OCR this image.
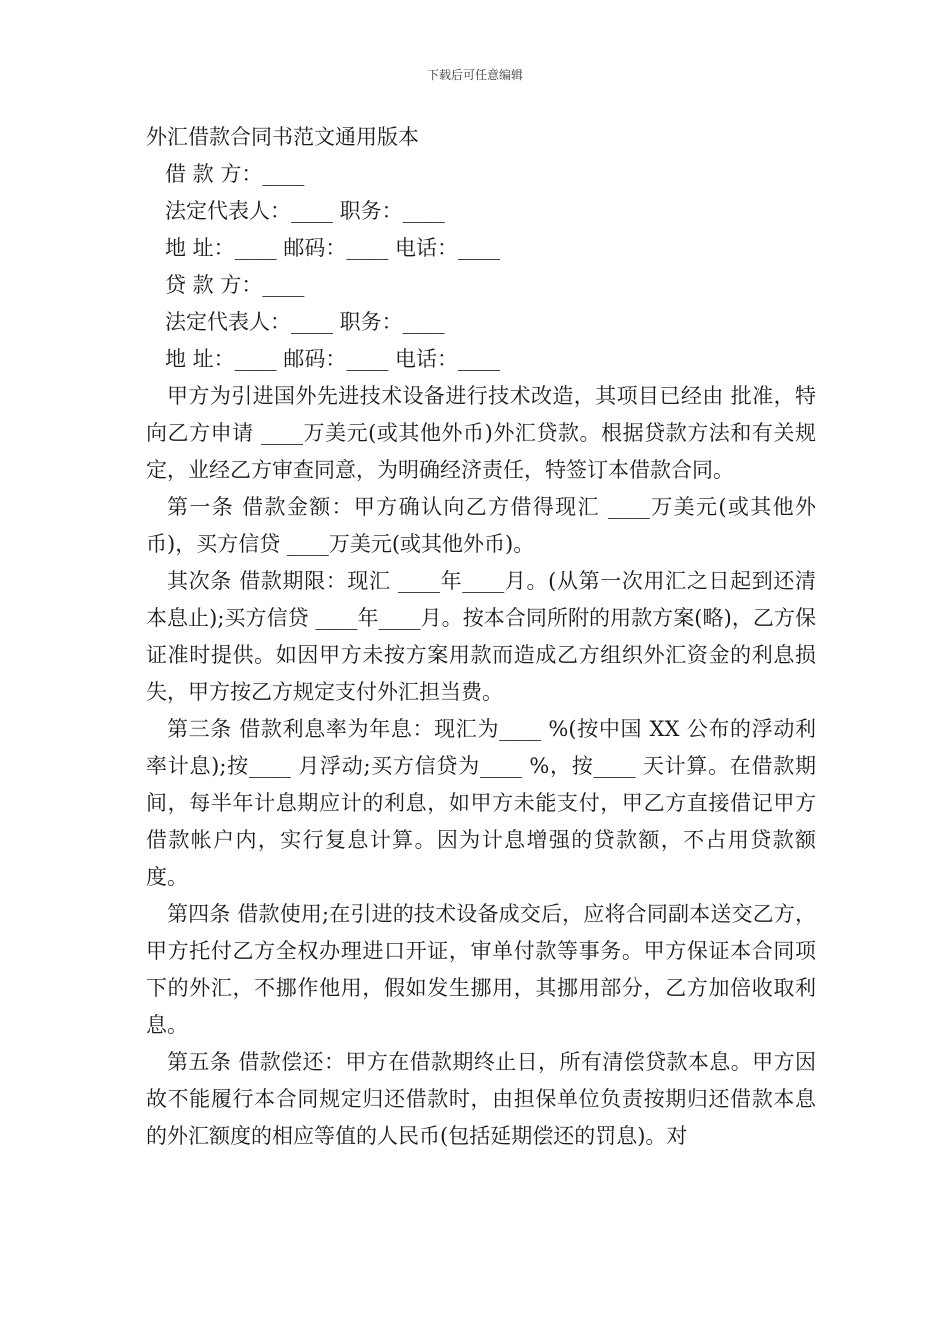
下载后可任意编辑
外汇借款合同书范文通用版本

借 款 方：____

法定代表人：____ 职务：____

地 址：____ 邮码：____ 电话：____

贷 款 方：____

法定代表人：____ 职务：____

地 址：____ 邮码：____ 电话：____

甲方为引进国外先进技术设备进行技术改造，其项目已经由 批准，特向乙方申请 ____万美元(或其他外币)外汇贷款。根据贷款方法和有关规定，业经乙方审查同意，为明确经济责任，特签订本借款合同。

第一条 借款金额：甲方确认向乙方借得现汇 ____万美元(或其他外币)，买方信贷 ____万美元(或其他外币)。

其次条 借款期限：现汇 ____年____月。(从第一次用汇之日起到还清本息止);买方信贷 ____年____月。按本合同所附的用款方案(略)，乙方保证准时提供。如因甲方未按方案用款而造成乙方组织外汇资金的利息损失，甲方按乙方规定支付外汇担当费。

第三条 借款利息率为年息：现汇为____ %(按中国 XX 公布的浮动利率计息);按____ 月浮动;买方信贷为____ %，按____ 天计算。在借款期间，每半年计息期应计的利息，如甲方未能支付，甲乙方直接借记甲方借款帐户内，实行复息计算。因为计息增强的贷款额，不占用贷款额度。

第四条 借款使用;在引进的技术设备成交后，应将合同副本送交乙方，甲方托付乙方全权办理进口开证，审单付款等事务。甲方保证本合同项下的外汇，不挪作他用，假如发生挪用，其挪用部分，乙方加倍收取利息。

第五条 借款偿还：甲方在借款期终止日，所有清偿贷款本息。甲方因故不能履行本合同规定归还借款时，由担保单位负责按期归还借款本息的外汇额度的相应等值的人民币(包括延期偿还的罚息)。对
